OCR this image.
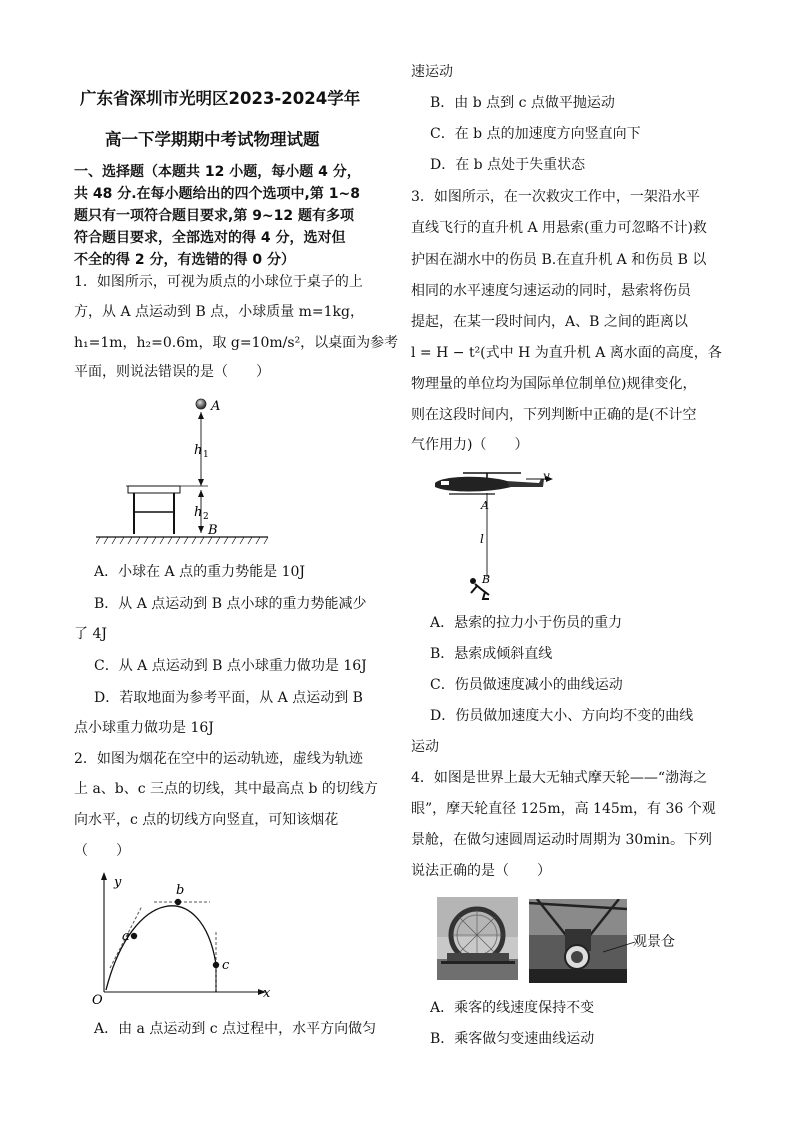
广东省深圳市光明区2023-2024学年
高一下学期期中考试物理试题
一、选择题（本题共 12 小题，每小题 4 分，
共 48 分.在每小题给出的四个选项中,第 1~8
题只有一项符合题目要求,第 9~12 题有多项
符合题目要求，全部选对的得 4 分，选对但
不全的得 2 分，有选错的得 0 分）
1．如图所示，可视为质点的小球位于桌子的上
方，从 A 点运动到 B 点，小球质量 m=1kg，
h₁=1m，h₂=0.6m，取 g=10m/s²，以桌面为参考
平面，则说法错误的是（　　）
A
h 1
h 2
B
A．小球在 A 点的重力势能是 10J
B．从 A 点运动到 B 点小球的重力势能减少
了 4J
C．从 A 点运动到 B 点小球重力做功是 16J
D．若取地面为参考平面，从 A 点运动到 B
点小球重力做功是 16J
2．如图为烟花在空中的运动轨迹，虚线为轨迹
上 a、b、c 三点的切线，其中最高点 b 的切线方
向水平，c 点的切线方向竖直，可知该烟花
（　　）
y
x
O
a
b
c
A．由 a 点运动到 c 点过程中，水平方向做匀
速运动
B．由 b 点到 c 点做平抛运动
C．在 b 点的加速度方向竖直向下
D．在 b 点处于失重状态
3．如图所示，在一次救灾工作中，一架沿水平
直线飞行的直升机 A 用悬索(重力可忽略不计)救
护困在湖水中的伤员 B.在直升机 A 和伤员 B 以
相同的水平速度匀速运动的同时，悬索将伤员
提起，在某一段时间内，A、B 之间的距离以
l = H − t²(式中 H 为直升机 A 离水面的高度，各
物理量的单位均为国际单位制单位)规律变化，
则在这段时间内，下列判断中正确的是(不计空
气作用力)（　　）
v
A
l
B
A．悬索的拉力小于伤员的重力
B．悬索成倾斜直线
C．伤员做速度减小的曲线运动
D．伤员做加速度大小、方向均不变的曲线
运动
4．如图是世界上最大无轴式摩天轮——“渤海之
眼”，摩天轮直径 125m，高 145m，有 36 个观
景舱，在做匀速圆周运动时周期为 30min。下列
说法正确的是（　　）
观景仓
A．乘客的线速度保持不变
B．乘客做匀变速曲线运动
